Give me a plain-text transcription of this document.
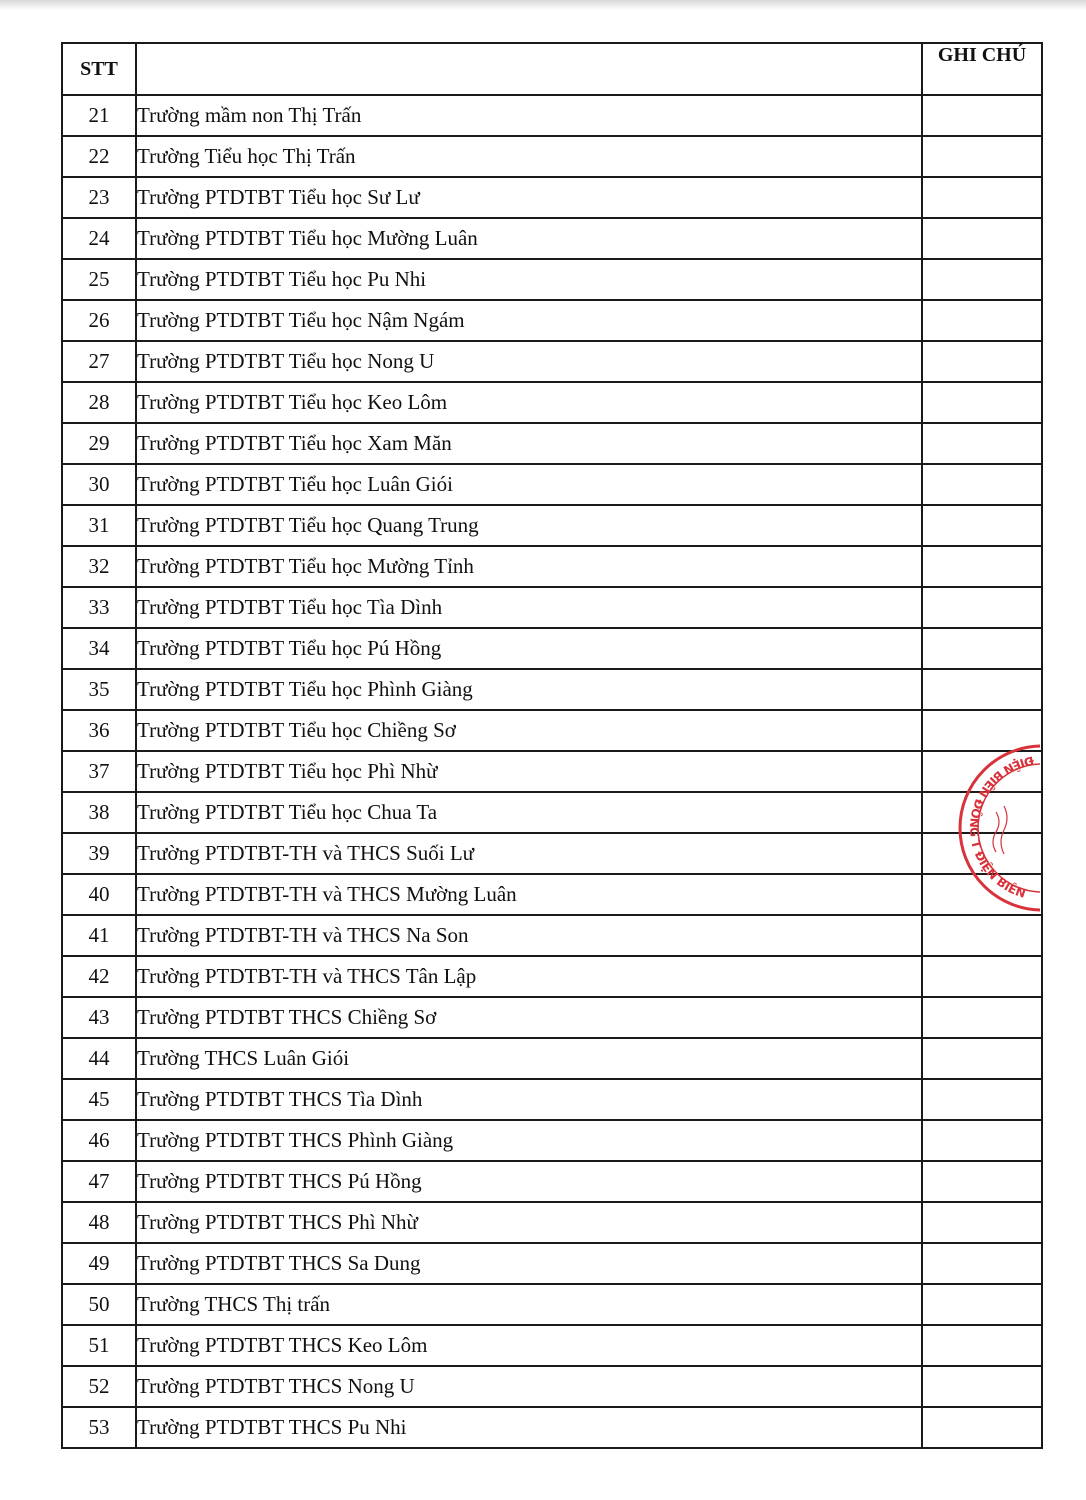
STT		GHI CHÚ
21	Trường mầm non Thị Trấn	
22	Trường Tiểu học Thị Trấn	
23	Trường PTDTBT Tiểu học Sư Lư	
24	Trường PTDTBT Tiểu học Mường Luân	
25	Trường PTDTBT Tiểu học Pu Nhi	
26	Trường PTDTBT Tiểu học Nậm Ngám	
27	Trường PTDTBT Tiểu học Nong U	
28	Trường PTDTBT Tiểu học Keo Lôm	
29	Trường PTDTBT Tiểu học Xam Măn	
30	Trường PTDTBT Tiểu học Luân Giói	
31	Trường PTDTBT Tiểu học Quang Trung	
32	Trường PTDTBT Tiểu học Mường Tỉnh	
33	Trường PTDTBT Tiểu học Tìa Dình	
34	Trường PTDTBT Tiểu học Pú Hồng	
35	Trường PTDTBT Tiểu học Phình Giàng	
36	Trường PTDTBT Tiểu học Chiềng Sơ	
37	Trường PTDTBT Tiểu học Phì Nhừ	
38	Trường PTDTBT Tiểu học Chua Ta	
39	Trường PTDTBT-TH và THCS Suối Lư	
40	Trường PTDTBT-TH và THCS Mường Luân	
41	Trường PTDTBT-TH và THCS Na Son	
42	Trường PTDTBT-TH và THCS Tân Lập	
43	Trường PTDTBT THCS Chiềng Sơ	
44	Trường THCS Luân Giói	
45	Trường PTDTBT THCS Tìa Dình	
46	Trường PTDTBT THCS Phình Giàng	
47	Trường PTDTBT THCS Pú Hồng	
48	Trường PTDTBT THCS Phì Nhừ	
49	Trường PTDTBT THCS Sa Dung	
50	Trường THCS Thị trấn	
51	Trường PTDTBT THCS Keo Lôm	
52	Trường PTDTBT THCS Nong U	
53	Trường PTDTBT THCS Pu Nhi	
ĐIỆN BIÊN ĐÔNG T ĐIỆN BIÊN
